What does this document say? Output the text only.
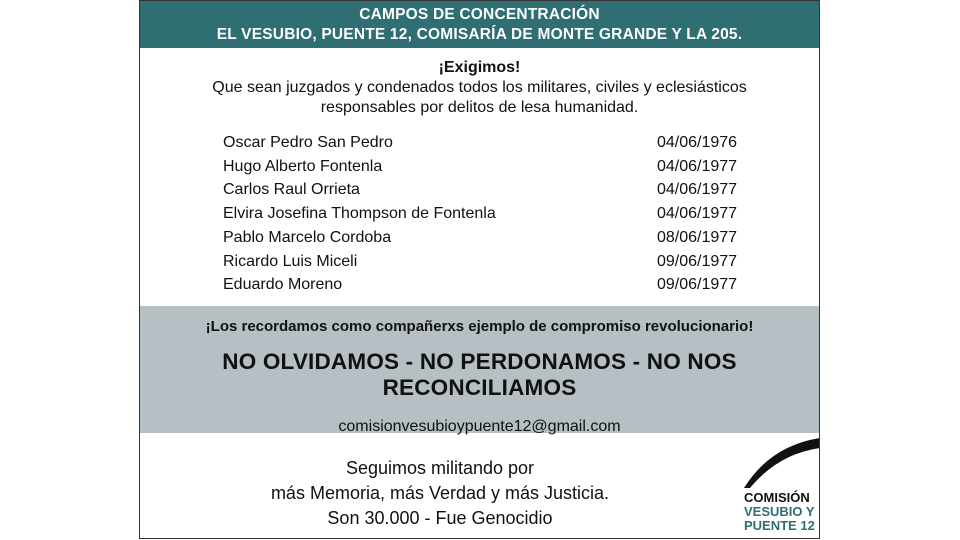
CAMPOS DE CONCENTRACIÓN
EL VESUBIO, PUENTE 12, COMISARÍA DE MONTE GRANDE Y LA 205.
¡Exigimos!
Que sean juzgados y condenados todos los militares, civiles y eclesiásticos
responsables por delitos de lesa humanidad.
Oscar Pedro San Pedro	04/06/1976
Hugo Alberto Fontenla	04/06/1977
Carlos Raul Orrieta	04/06/1977
Elvira Josefina Thompson de Fontenla	04/06/1977
Pablo Marcelo Cordoba	08/06/1977
Ricardo Luis Miceli	09/06/1977
Eduardo Moreno	09/06/1977
¡Los recordamos como compañerxs ejemplo de compromiso revolucionario!
NO OLVIDAMOS - NO PERDONAMOS - NO NOS RECONCILIAMOS
comisionvesubioypuente12@gmail.com
Seguimos militando por
más Memoria, más Verdad y más Justicia.
Son 30.000 - Fue Genocidio
COMISIÓN
VESUBIO Y
PUENTE 12
